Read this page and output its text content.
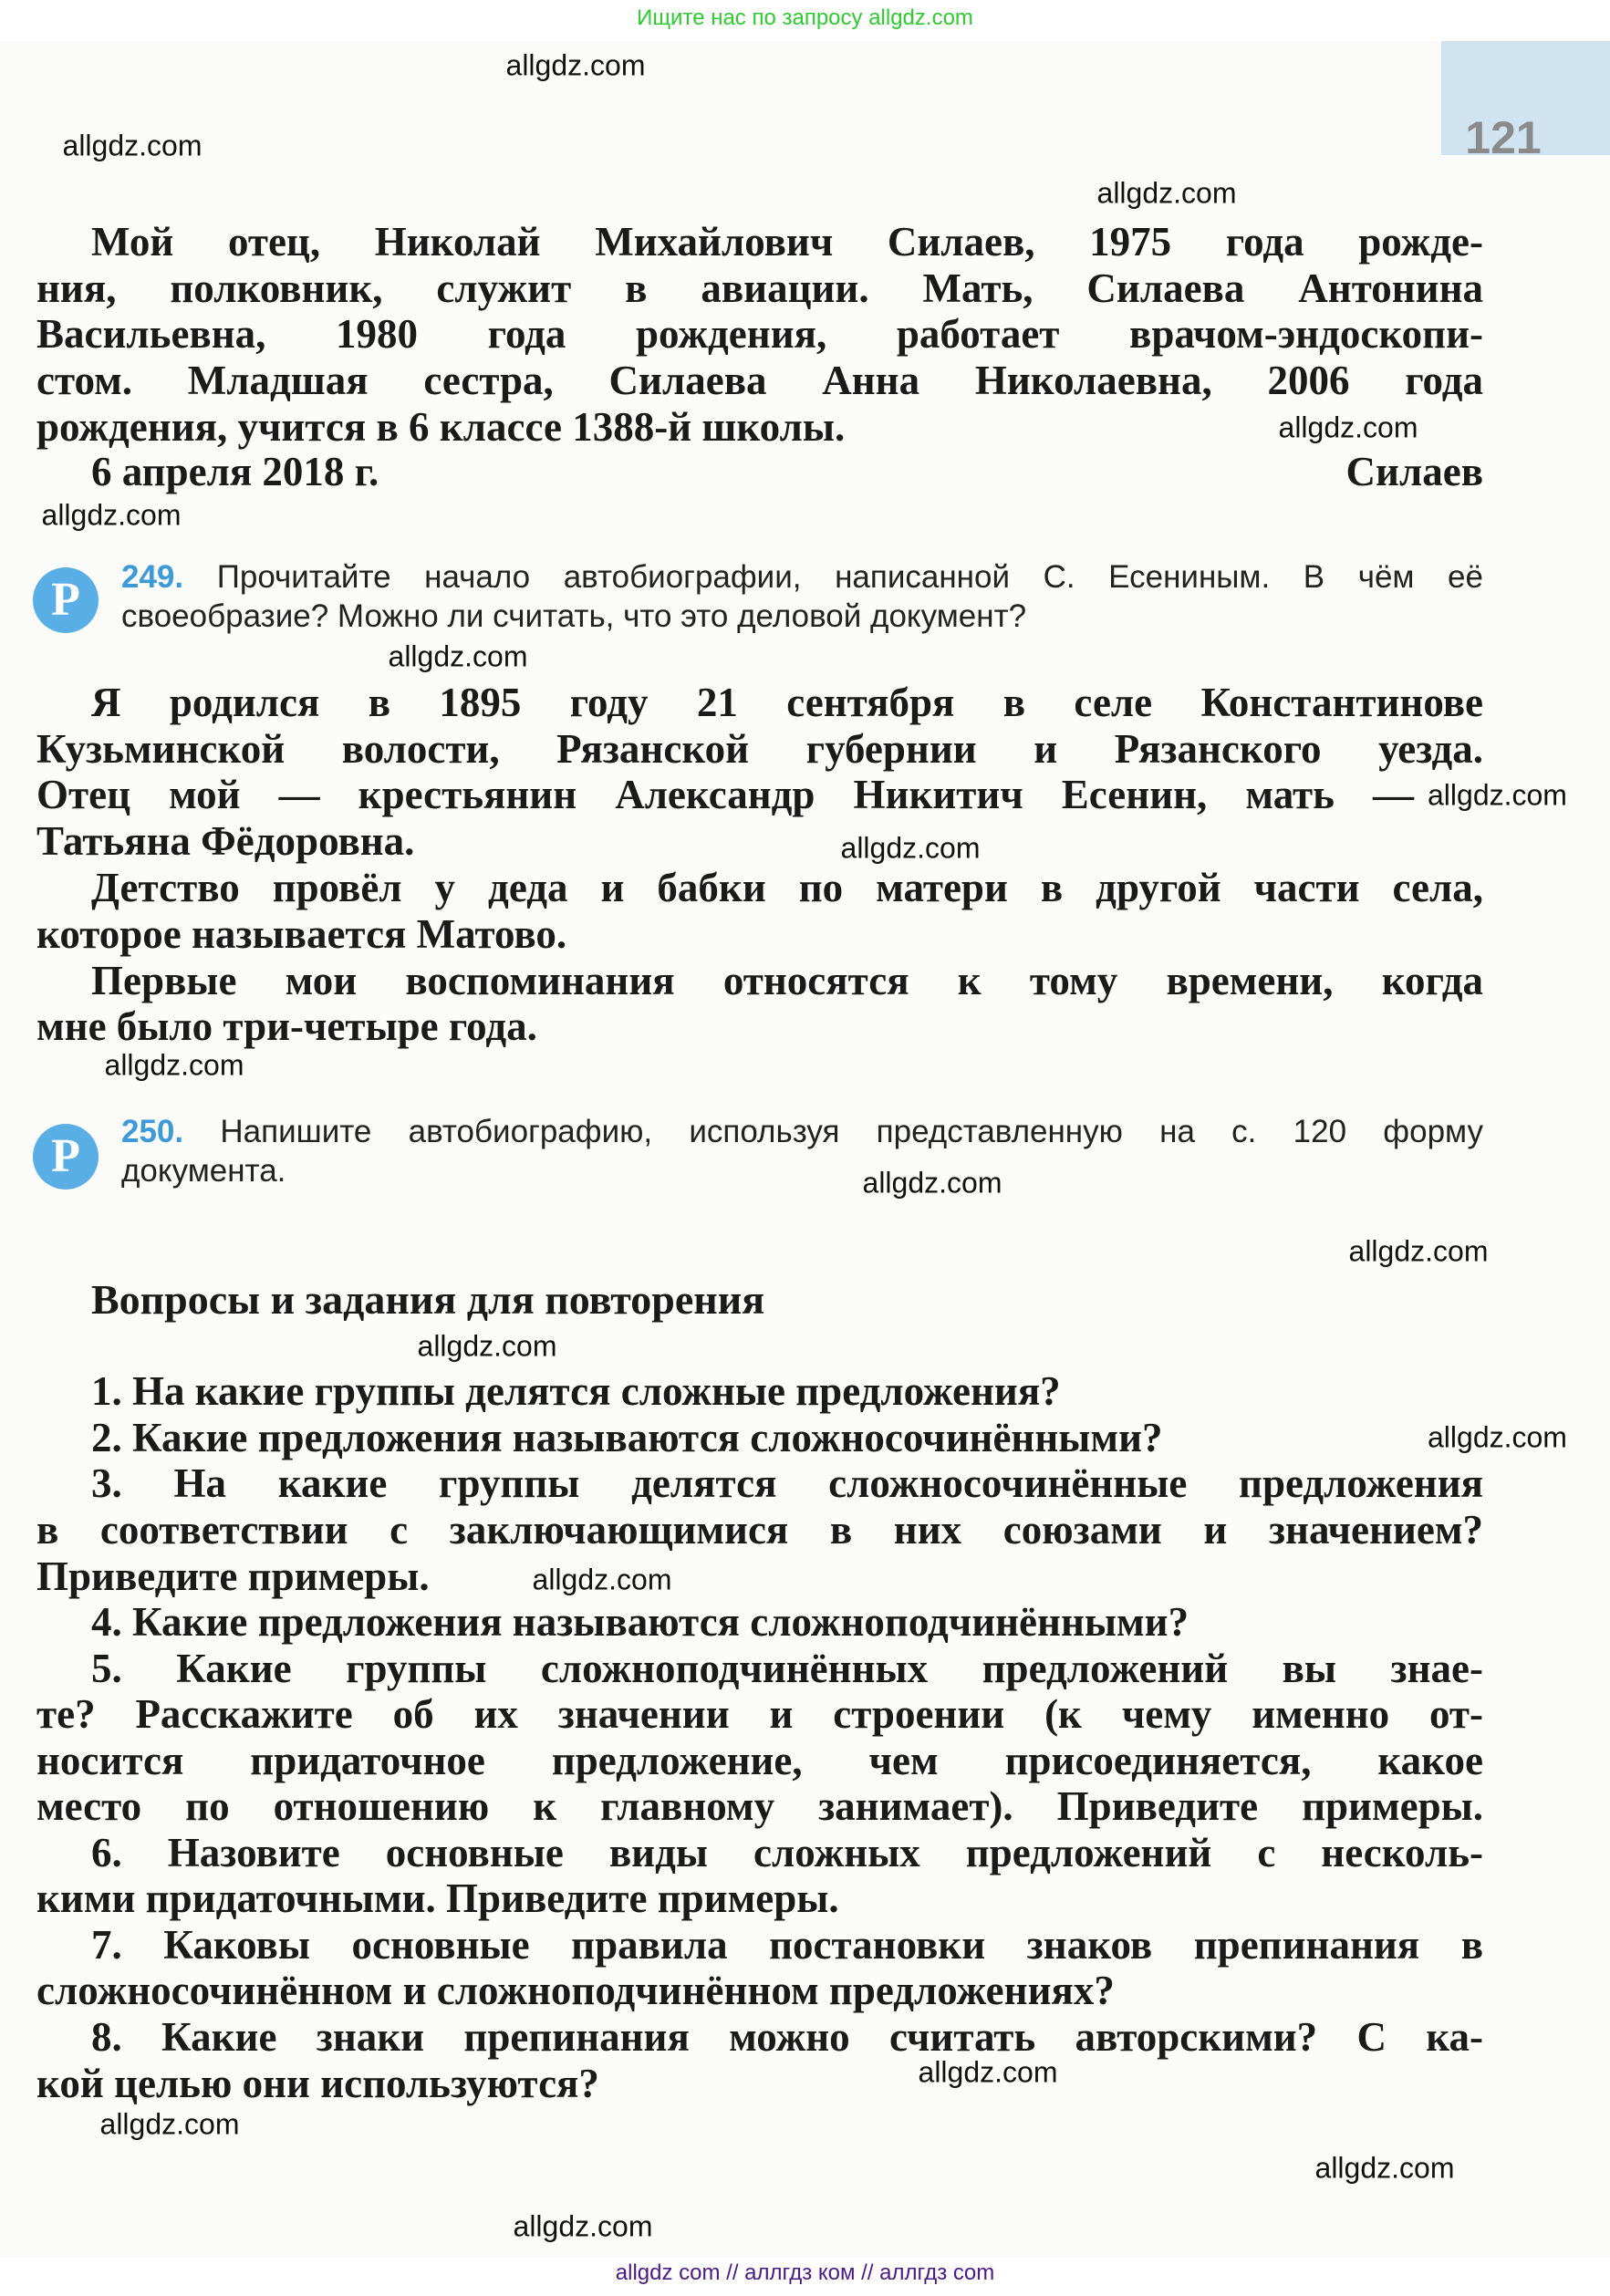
121
Ищите нас по запросу allgdz.com
allgdz com // аллгдз ком // аллгдз com
Мой отец, Николай Михайлович Силаев, 1975 года рожде-
ния, полковник, служит в авиации. Мать, Силаева Антонина
Васильевна, 1980 года рождения, работает врачом-эндоскопи-
стом. Младшая сестра, Силаева Анна Николаевна, 2006 года
рождения, учится в 6 классе 1388-й школы.
6 апреля 2018 г.	Силаев
Р	249. Прочитайте начало автобиографии, написанной С. Есениным. В чём её
своеобразие? Можно ли считать, что это деловой документ?
Я родился в 1895 году 21 сентября в селе Константинове
Кузьминской волости, Рязанской губернии и Рязанского уезда.
Отец мой — крестьянин Александр Никитич Есенин, мать —
Татьяна Фёдоровна.
Детство провёл у деда и бабки по матери в другой части села,
которое называется Матово.
Первые мои воспоминания относятся к тому времени, когда
мне было три-четыре года.
Р	250. Напишите автобиографию, используя представленную на с. 120 форму
документа.
Вопросы и задания для повторения
1. На какие группы делятся сложные предложения?
2. Какие предложения называются сложносочинёнными?
3. На какие группы делятся сложносочинённые предложения
в соответствии с заключающимися в них союзами и значением?
Приведите примеры.
4. Какие предложения называются сложноподчинёнными?
5. Какие группы сложноподчинённых предложений вы знае-
те? Расскажите об их значении и строении (к чему именно от-
носится придаточное предложение, чем присоединяется, какое
место по отношению к главному занимает). Приведите примеры.
6. Назовите основные виды сложных предложений с несколь-
кими придаточными. Приведите примеры.
7. Каковы основные правила постановки знаков препинания в
сложносочинённом и сложноподчинённом предложениях?
8. Какие знаки препинания можно считать авторскими? С ка-
кой целью они используются?
allgdz.com
allgdz.com
allgdz.com
allgdz.com
allgdz.com
allgdz.com
allgdz.com
allgdz.com
allgdz.com
allgdz.com
allgdz.com
allgdz.com
allgdz.com
allgdz.com
allgdz.com
allgdz.com
allgdz.com
allgdz.com
